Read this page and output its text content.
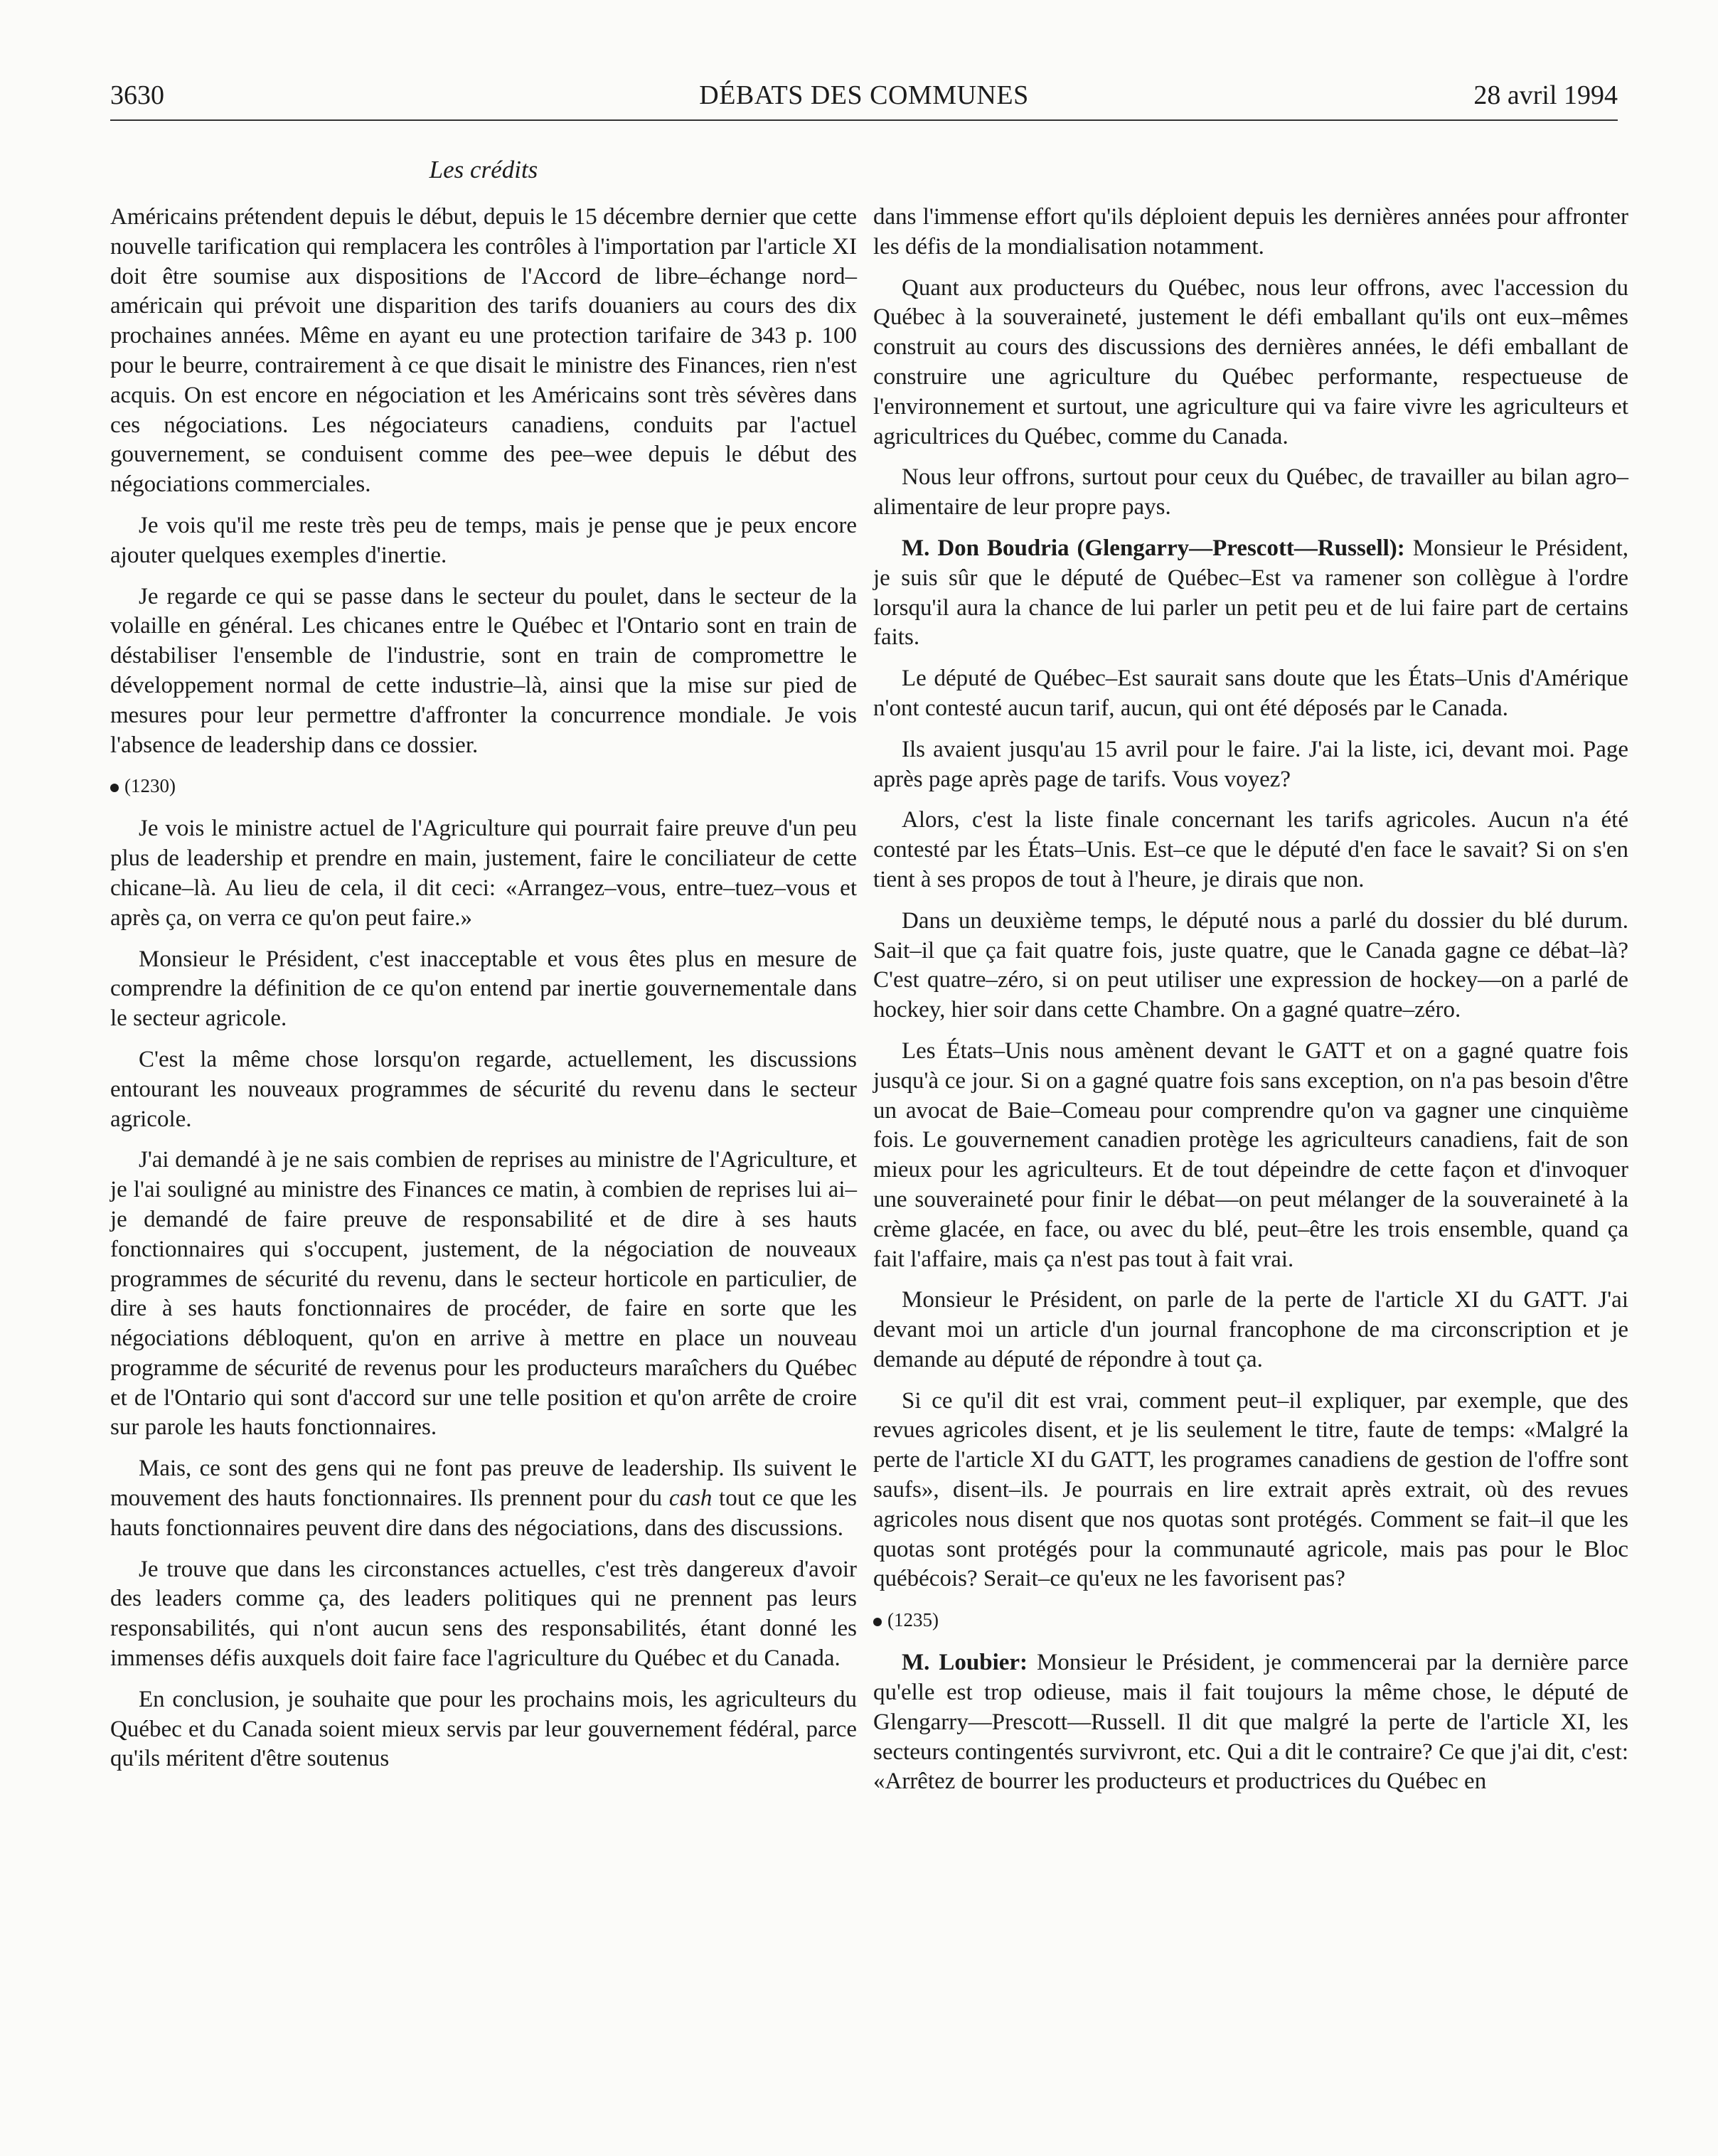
3630	DÉBATS DES COMMUNES	28 avril 1994
Les crédits

Américains prétendent depuis le début, depuis le 15 décembre dernier que cette nouvelle tarification qui remplacera les contrôles à l'importation par l'article XI doit être soumise aux dispositions de l'Accord de libre–échange nord–américain qui prévoit une disparition des tarifs douaniers au cours des dix prochaines années. Même en ayant eu une protection tarifaire de 343 p. 100 pour le beurre, contrairement à ce que disait le ministre des Finances, rien n'est acquis. On est encore en négociation et les Américains sont très sévères dans ces négociations. Les négociateurs canadiens, conduits par l'actuel gouvernement, se conduisent comme des pee–wee depuis le début des négociations commerciales.

Je vois qu'il me reste très peu de temps, mais je pense que je peux encore ajouter quelques exemples d'inertie.

Je regarde ce qui se passe dans le secteur du poulet, dans le secteur de la volaille en général. Les chicanes entre le Québec et l'Ontario sont en train de déstabiliser l'ensemble de l'industrie, sont en train de compromettre le développement normal de cette industrie–là, ainsi que la mise sur pied de mesures pour leur permettre d'affronter la concurrence mondiale. Je vois l'absence de leadership dans ce dossier.

(1230)

Je vois le ministre actuel de l'Agriculture qui pourrait faire preuve d'un peu plus de leadership et prendre en main, justement, faire le conciliateur de cette chicane–là. Au lieu de cela, il dit ceci: «Arrangez–vous, entre–tuez–vous et après ça, on verra ce qu'on peut faire.»

Monsieur le Président, c'est inacceptable et vous êtes plus en mesure de comprendre la définition de ce qu'on entend par inertie gouvernementale dans le secteur agricole.

C'est la même chose lorsqu'on regarde, actuellement, les discussions entourant les nouveaux programmes de sécurité du revenu dans le secteur agricole.

J'ai demandé à je ne sais combien de reprises au ministre de l'Agriculture, et je l'ai souligné au ministre des Finances ce matin, à combien de reprises lui ai–je demandé de faire preuve de responsabilité et de dire à ses hauts fonctionnaires qui s'occupent, justement, de la négociation de nouveaux programmes de sécurité du revenu, dans le secteur horticole en particulier, de dire à ses hauts fonctionnaires de procéder, de faire en sorte que les négociations débloquent, qu'on en arrive à mettre en place un nouveau programme de sécurité de revenus pour les producteurs maraîchers du Québec et de l'Ontario qui sont d'accord sur une telle position et qu'on arrête de croire sur parole les hauts fonctionnaires.

Mais, ce sont des gens qui ne font pas preuve de leadership. Ils suivent le mouvement des hauts fonctionnaires. Ils prennent pour du cash tout ce que les hauts fonctionnaires peuvent dire dans des négociations, dans des discussions.

Je trouve que dans les circonstances actuelles, c'est très dangereux d'avoir des leaders comme ça, des leaders politiques qui ne prennent pas leurs responsabilités, qui n'ont aucun sens des responsabilités, étant donné les immenses défis auxquels doit faire face l'agriculture du Québec et du Canada.

En conclusion, je souhaite que pour les prochains mois, les agriculteurs du Québec et du Canada soient mieux servis par leur gouvernement fédéral, parce qu'ils méritent d'être soutenus

dans l'immense effort qu'ils déploient depuis les dernières années pour affronter les défis de la mondialisation notamment.

Quant aux producteurs du Québec, nous leur offrons, avec l'accession du Québec à la souveraineté, justement le défi emballant qu'ils ont eux–mêmes construit au cours des discussions des dernières années, le défi emballant de construire une agriculture du Québec performante, respectueuse de l'environnement et surtout, une agriculture qui va faire vivre les agriculteurs et agricultrices du Québec, comme du Canada.

Nous leur offrons, surtout pour ceux du Québec, de travailler au bilan agro–alimentaire de leur propre pays.

M. Don Boudria (Glengarry—Prescott—Russell): Monsieur le Président, je suis sûr que le député de Québec–Est va ramener son collègue à l'ordre lorsqu'il aura la chance de lui parler un petit peu et de lui faire part de certains faits.

Le député de Québec–Est saurait sans doute que les États–Unis d'Amérique n'ont contesté aucun tarif, aucun, qui ont été déposés par le Canada.

Ils avaient jusqu'au 15 avril pour le faire. J'ai la liste, ici, devant moi. Page après page après page de tarifs. Vous voyez?

Alors, c'est la liste finale concernant les tarifs agricoles. Aucun n'a été contesté par les États–Unis. Est–ce que le député d'en face le savait? Si on s'en tient à ses propos de tout à l'heure, je dirais que non.

Dans un deuxième temps, le député nous a parlé du dossier du blé durum. Sait–il que ça fait quatre fois, juste quatre, que le Canada gagne ce débat–là? C'est quatre–zéro, si on peut utiliser une expression de hockey—on a parlé de hockey, hier soir dans cette Chambre. On a gagné quatre–zéro.

Les États–Unis nous amènent devant le GATT et on a gagné quatre fois jusqu'à ce jour. Si on a gagné quatre fois sans exception, on n'a pas besoin d'être un avocat de Baie–Comeau pour comprendre qu'on va gagner une cinquième fois. Le gouvernement canadien protège les agriculteurs canadiens, fait de son mieux pour les agriculteurs. Et de tout dépeindre de cette façon et d'invoquer une souveraineté pour finir le débat—on peut mélanger de la souveraineté à la crème glacée, en face, ou avec du blé, peut–être les trois ensemble, quand ça fait l'affaire, mais ça n'est pas tout à fait vrai.

Monsieur le Président, on parle de la perte de l'article XI du GATT. J'ai devant moi un article d'un journal francophone de ma circonscription et je demande au député de répondre à tout ça.

Si ce qu'il dit est vrai, comment peut–il expliquer, par exemple, que des revues agricoles disent, et je lis seulement le titre, faute de temps: «Malgré la perte de l'article XI du GATT, les programes canadiens de gestion de l'offre sont saufs», disent–ils. Je pourrais en lire extrait après extrait, où des revues agricoles nous disent que nos quotas sont protégés. Comment se fait–il que les quotas sont protégés pour la communauté agricole, mais pas pour le Bloc québécois? Serait–ce qu'eux ne les favorisent pas?

(1235)

M. Loubier: Monsieur le Président, je commencerai par la dernière parce qu'elle est trop odieuse, mais il fait toujours la même chose, le député de Glengarry—Prescott—Russell. Il dit que malgré la perte de l'article XI, les secteurs contingentés survivront, etc. Qui a dit le contraire? Ce que j'ai dit, c'est: «Arrêtez de bourrer les producteurs et productrices du Québec en
